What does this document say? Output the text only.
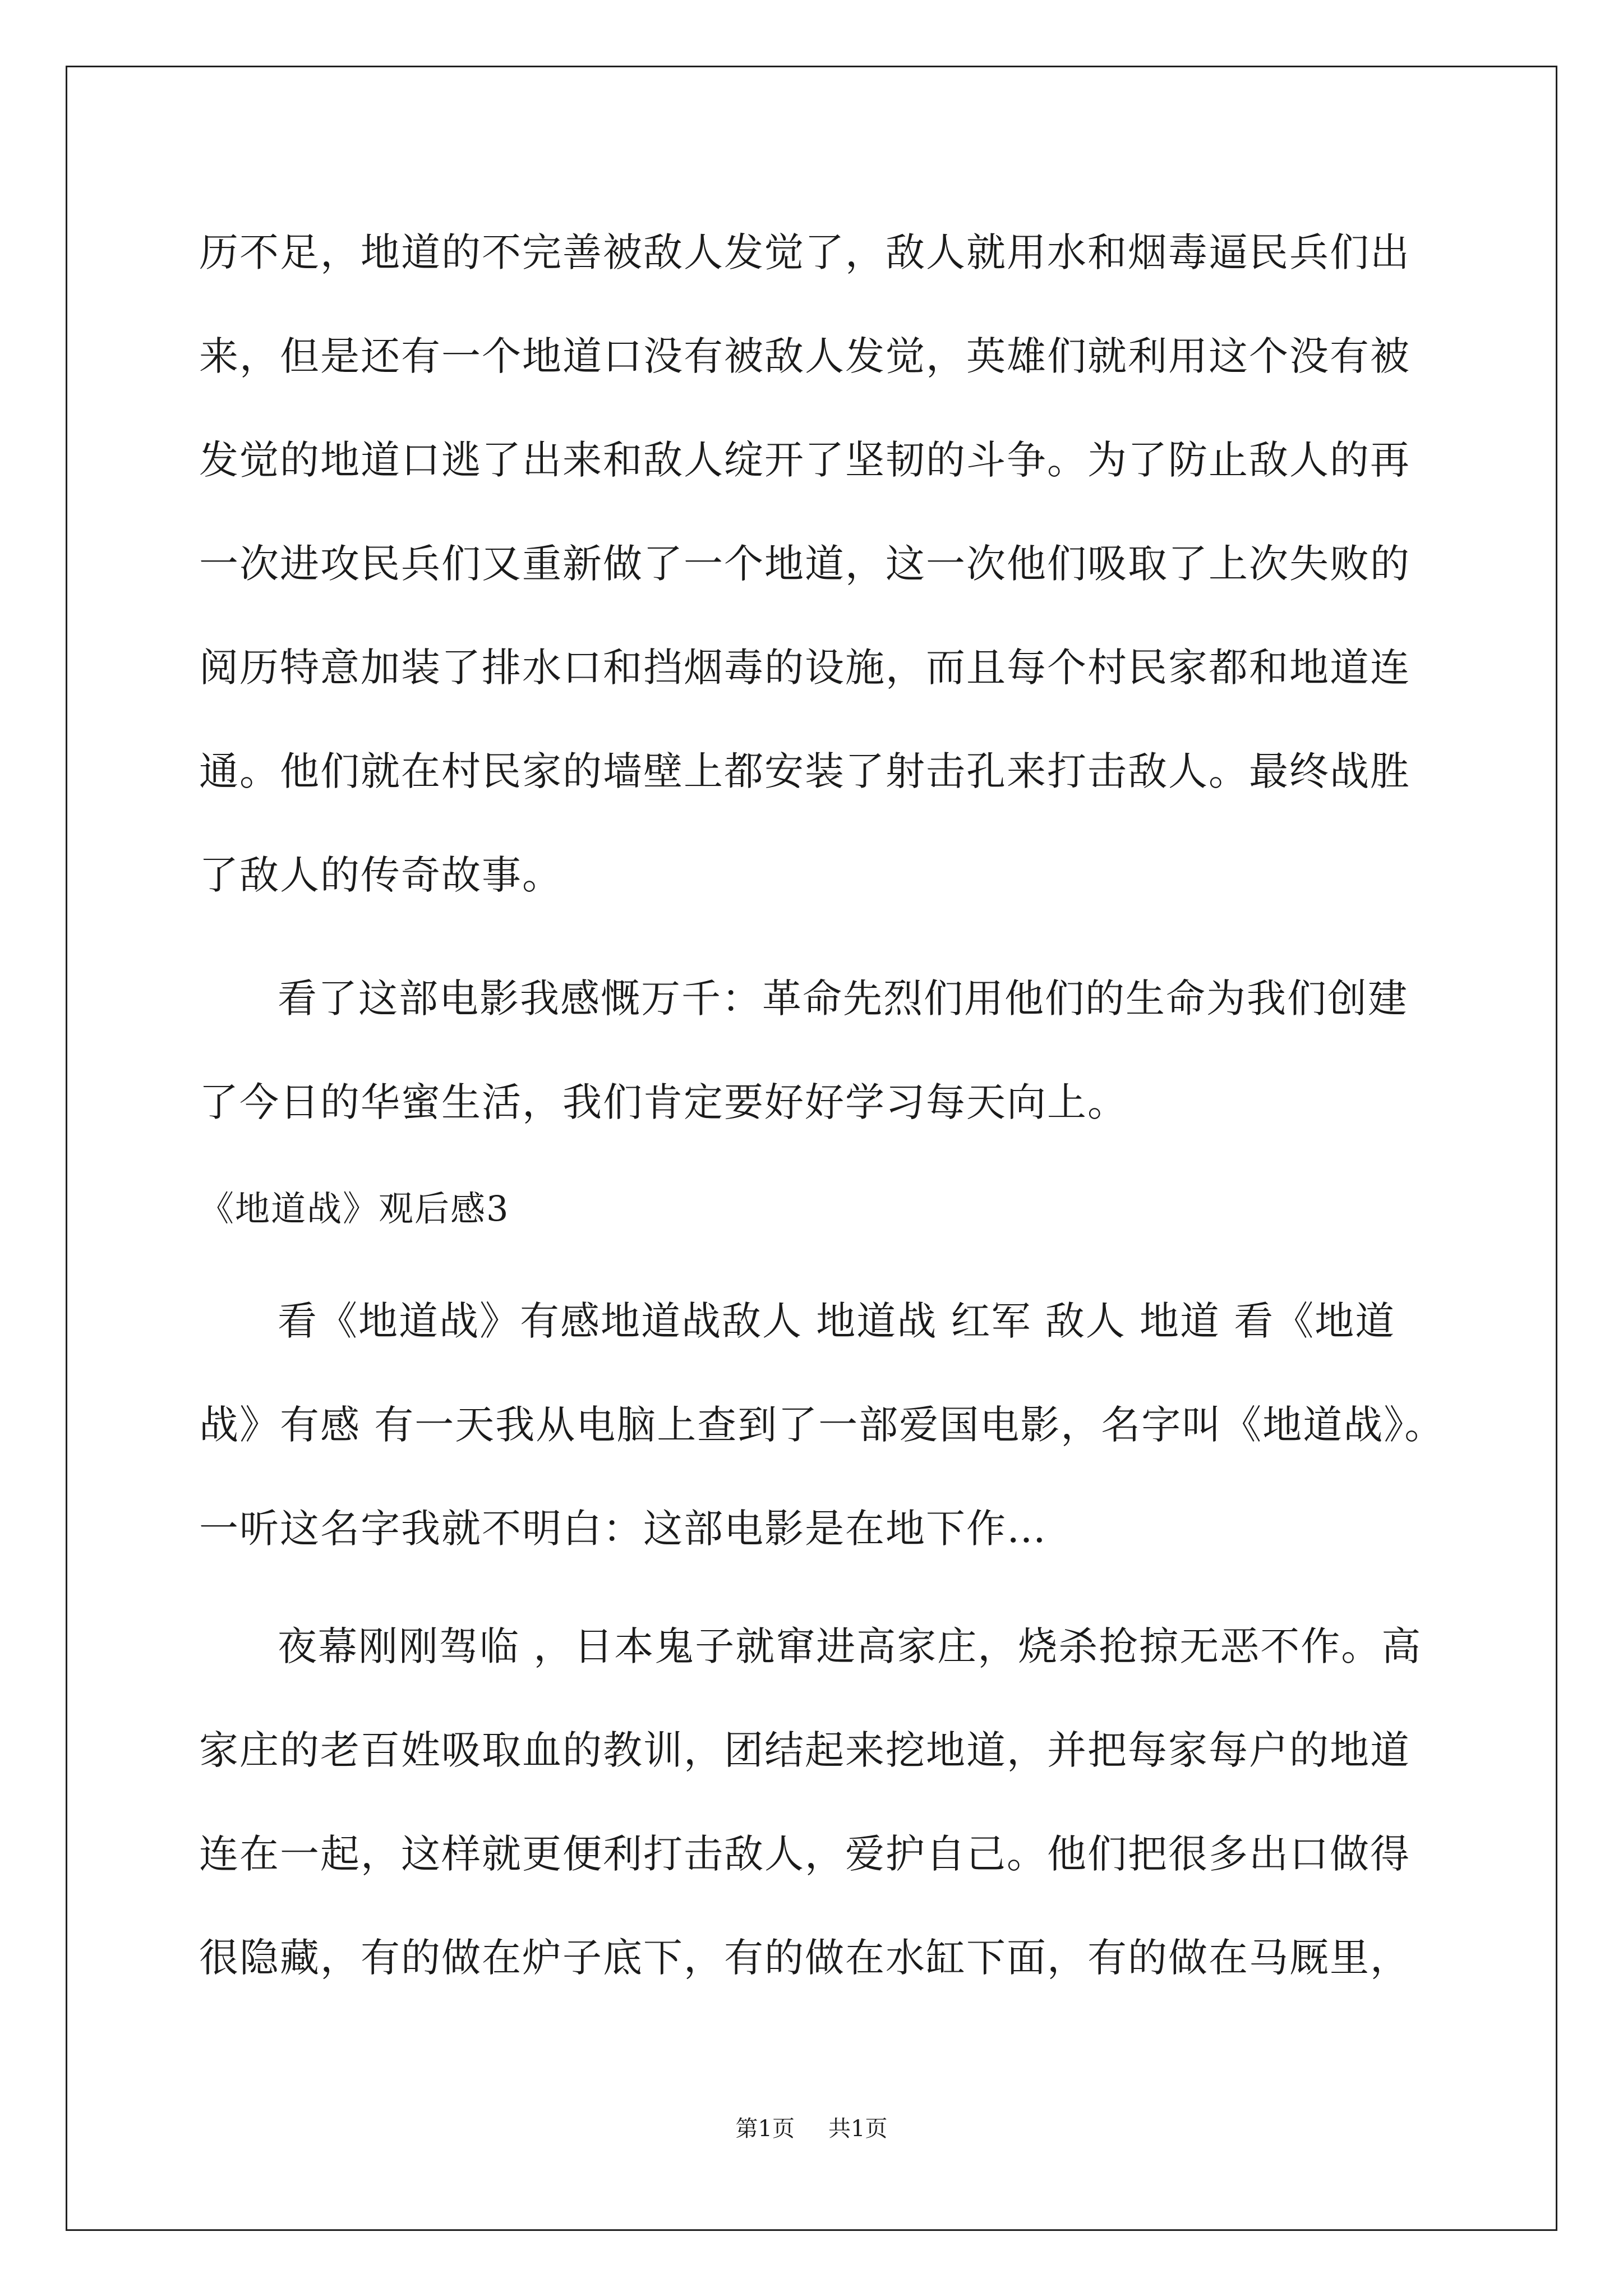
历不足，地道的不完善被敌人发觉了，敌人就用水和烟毒逼民兵们出
来，但是还有一个地道口没有被敌人发觉，英雄们就利用这个没有被
发觉的地道口逃了出来和敌人绽开了坚韧的斗争。为了防止敌人的再
一次进攻民兵们又重新做了一个地道，这一次他们吸取了上次失败的
阅历特意加装了排水口和挡烟毒的设施，而且每个村民家都和地道连
通。他们就在村民家的墙壁上都安装了射击孔来打击敌人。最终战胜
了敌人的传奇故事。
看了这部电影我感慨万千：革命先烈们用他们的生命为我们创建
了今日的华蜜生活，我们肯定要好好学习每天向上。
《地道战》观后感3
看《地道战》有感地道战敌人 地道战 红军 敌人 地道 看《地道
战》有感 有一天我从电脑上查到了一部爱国电影，名字叫《地道战》。
一听这名字我就不明白：这部电影是在地下作…
夜幕刚刚驾临 ，日本鬼子就窜进高家庄，烧杀抢掠无恶不作。高
家庄的老百姓吸取血的教训，团结起来挖地道，并把每家每户的地道
连在一起，这样就更便利打击敌人，爱护自己。他们把很多出口做得
很隐藏，有的做在炉子底下，有的做在水缸下面，有的做在马厩里，
第1页 共1页
